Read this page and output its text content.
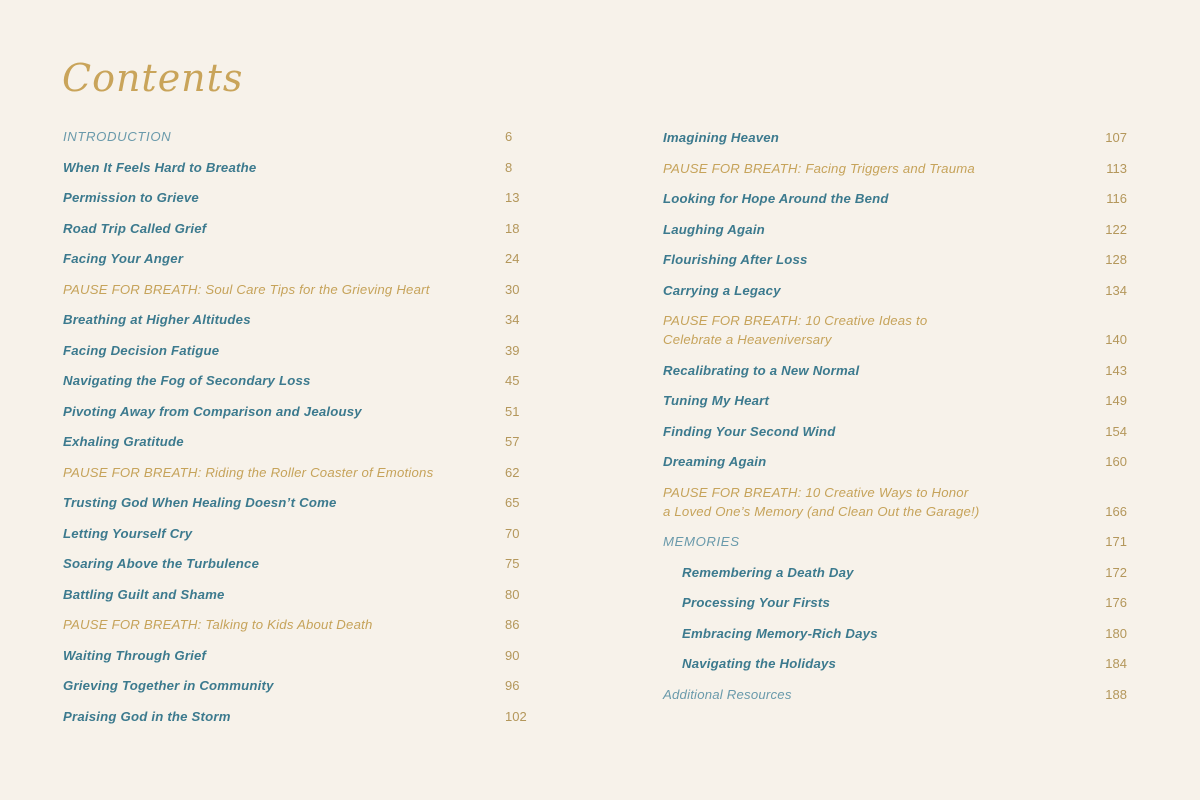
Contents
INTRODUCTION	6
When It Feels Hard to Breathe	8
Permission to Grieve	13
Road Trip Called Grief	18
Facing Your Anger	24
PAUSE FOR BREATH: Soul Care Tips for the Grieving Heart	30
Breathing at Higher Altitudes	34
Facing Decision Fatigue	39
Navigating the Fog of Secondary Loss	45
Pivoting Away from Comparison and Jealousy	51
Exhaling Gratitude	57
PAUSE FOR BREATH: Riding the Roller Coaster of Emotions	62
Trusting God When Healing Doesn’t Come	65
Letting Yourself Cry	70
Soaring Above the Turbulence	75
Battling Guilt and Shame	80
PAUSE FOR BREATH: Talking to Kids About Death	86
Waiting Through Grief	90
Grieving Together in Community	96
Praising God in the Storm	102
Imagining Heaven	107
PAUSE FOR BREATH: Facing Triggers and Trauma	113
Looking for Hope Around the Bend	116
Laughing Again	122
Flourishing After Loss	128
Carrying a Legacy	134
PAUSE FOR BREATH: 10 Creative Ideas to
Celebrate a Heaveniversary	140
Recalibrating to a New Normal	143
Tuning My Heart	149
Finding Your Second Wind	154
Dreaming Again	160
PAUSE FOR BREATH: 10 Creative Ways to Honor
a Loved One’s Memory (and Clean Out the Garage!)	166
MEMORIES	171
Remembering a Death Day	172
Processing Your Firsts	176
Embracing Memory-Rich Days	180
Navigating the Holidays	184
Additional Resources	188
